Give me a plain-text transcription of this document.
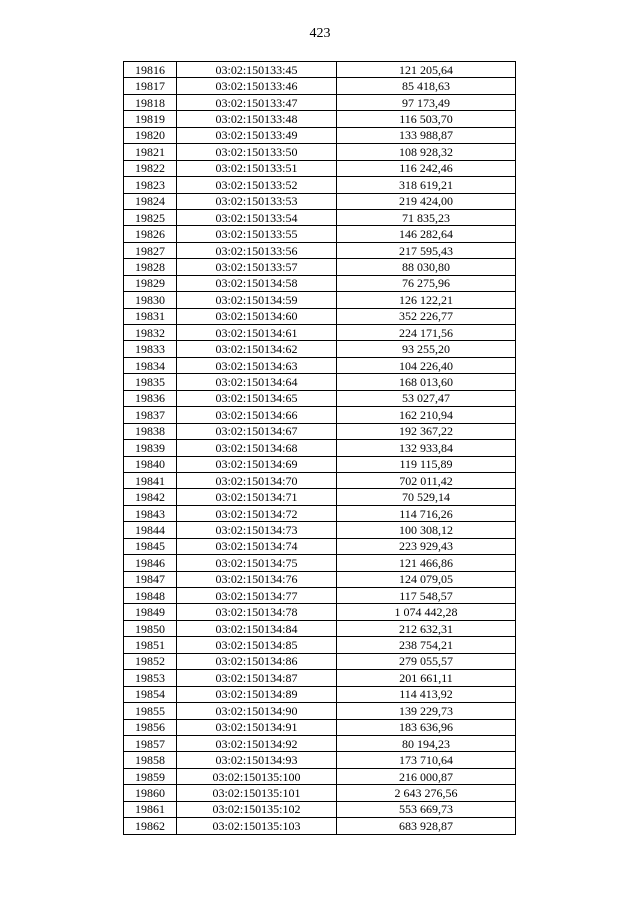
423
19816	03:02:150133:45	121 205,64
19817	03:02:150133:46	85 418,63
19818	03:02:150133:47	97 173,49
19819	03:02:150133:48	116 503,70
19820	03:02:150133:49	133 988,87
19821	03:02:150133:50	108 928,32
19822	03:02:150133:51	116 242,46
19823	03:02:150133:52	318 619,21
19824	03:02:150133:53	219 424,00
19825	03:02:150133:54	71 835,23
19826	03:02:150133:55	146 282,64
19827	03:02:150133:56	217 595,43
19828	03:02:150133:57	88 030,80
19829	03:02:150134:58	76 275,96
19830	03:02:150134:59	126 122,21
19831	03:02:150134:60	352 226,77
19832	03:02:150134:61	224 171,56
19833	03:02:150134:62	93 255,20
19834	03:02:150134:63	104 226,40
19835	03:02:150134:64	168 013,60
19836	03:02:150134:65	53 027,47
19837	03:02:150134:66	162 210,94
19838	03:02:150134:67	192 367,22
19839	03:02:150134:68	132 933,84
19840	03:02:150134:69	119 115,89
19841	03:02:150134:70	702 011,42
19842	03:02:150134:71	70 529,14
19843	03:02:150134:72	114 716,26
19844	03:02:150134:73	100 308,12
19845	03:02:150134:74	223 929,43
19846	03:02:150134:75	121 466,86
19847	03:02:150134:76	124 079,05
19848	03:02:150134:77	117 548,57
19849	03:02:150134:78	1 074 442,28
19850	03:02:150134:84	212 632,31
19851	03:02:150134:85	238 754,21
19852	03:02:150134:86	279 055,57
19853	03:02:150134:87	201 661,11
19854	03:02:150134:89	114 413,92
19855	03:02:150134:90	139 229,73
19856	03:02:150134:91	183 636,96
19857	03:02:150134:92	80 194,23
19858	03:02:150134:93	173 710,64
19859	03:02:150135:100	216 000,87
19860	03:02:150135:101	2 643 276,56
19861	03:02:150135:102	553 669,73
19862	03:02:150135:103	683 928,87
